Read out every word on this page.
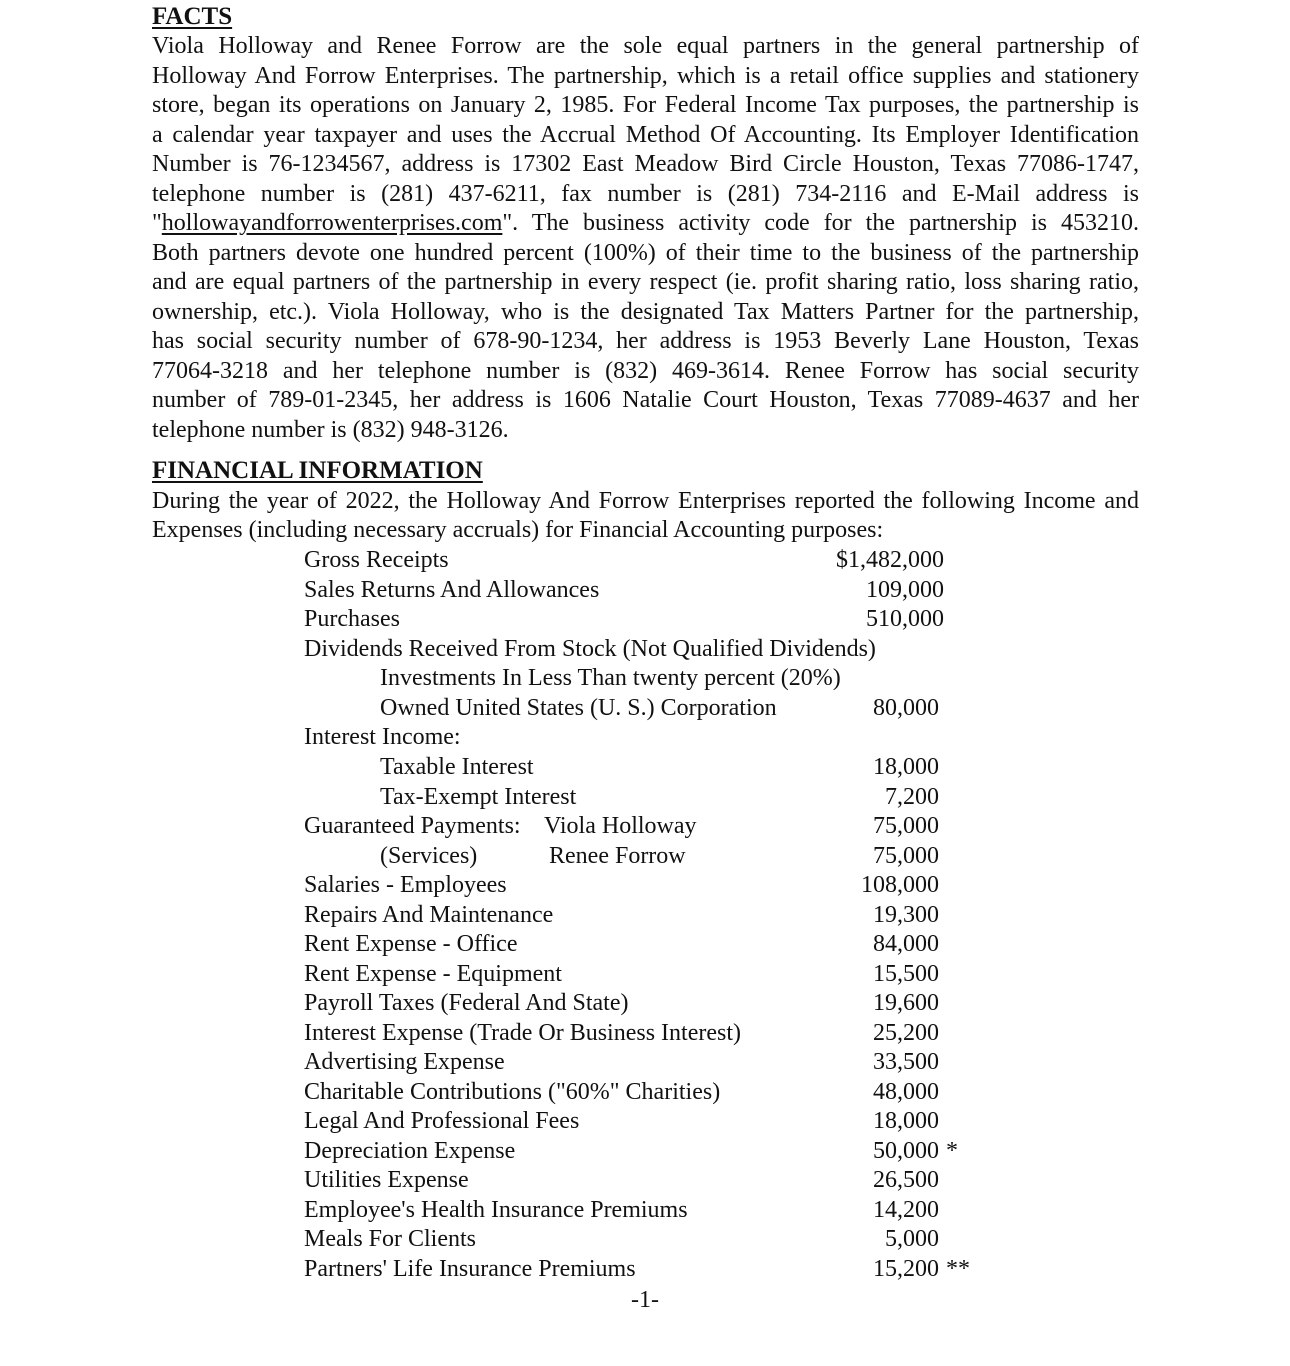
FACTS
Viola Holloway and Renee Forrow are the sole equal partners in the general partnership of
Holloway And Forrow Enterprises. The partnership, which is a retail office supplies and stationery
store, began its operations on January 2, 1985. For Federal Income Tax purposes, the partnership is
a calendar year taxpayer and uses the Accrual Method Of Accounting. Its Employer Identification
Number is 76-1234567, address is 17302 East Meadow Bird Circle Houston, Texas 77086-1747,
telephone number is (281) 437-6211, fax number is (281) 734-2116 and E-Mail address is
"hollowayandforrowenterprises.com". The business activity code for the partnership is 453210.
Both partners devote one hundred percent (100%) of their time to the business of the partnership
and are equal partners of the partnership in every respect (ie. profit sharing ratio, loss sharing ratio,
ownership, etc.). Viola Holloway, who is the designated Tax Matters Partner for the partnership,
has social security number of 678-90-1234, her address is 1953 Beverly Lane Houston, Texas
77064-3218 and her telephone number is (832) 469-3614. Renee Forrow has social security
number of 789-01-2345, her address is 1606 Natalie Court Houston, Texas 77089-4637 and her
telephone number is (832) 948-3126.
FINANCIAL INFORMATION
During the year of 2022, the Holloway And Forrow Enterprises reported the following Income and
Expenses (including necessary accruals) for Financial Accounting purposes:
Gross Receipts	$1,482,000
Sales Returns And Allowances	109,000
Purchases	510,000
Dividends Received From Stock (Not Qualified Dividends)
Investments In Less Than twenty percent (20%)
Owned United States (U. S.) Corporation	80,000
Interest Income:
Taxable Interest	18,000
Tax-Exempt Interest	7,200
Guaranteed Payments: Viola Holloway	75,000
(Services)	Renee Forrow	75,000
Salaries - Employees	108,000
Repairs And Maintenance	19,300
Rent Expense - Office	84,000
Rent Expense - Equipment	15,500
Payroll Taxes (Federal And State)	19,600
Interest Expense (Trade Or Business Interest)	25,200
Advertising Expense	33,500
Charitable Contributions ("60%" Charities)	48,000
Legal And Professional Fees	18,000
Depreciation Expense	50,000 *
Utilities Expense	26,500
Employee's Health Insurance Premiums	14,200
Meals For Clients	5,000
Partners' Life Insurance Premiums	15,200 **
-1-
